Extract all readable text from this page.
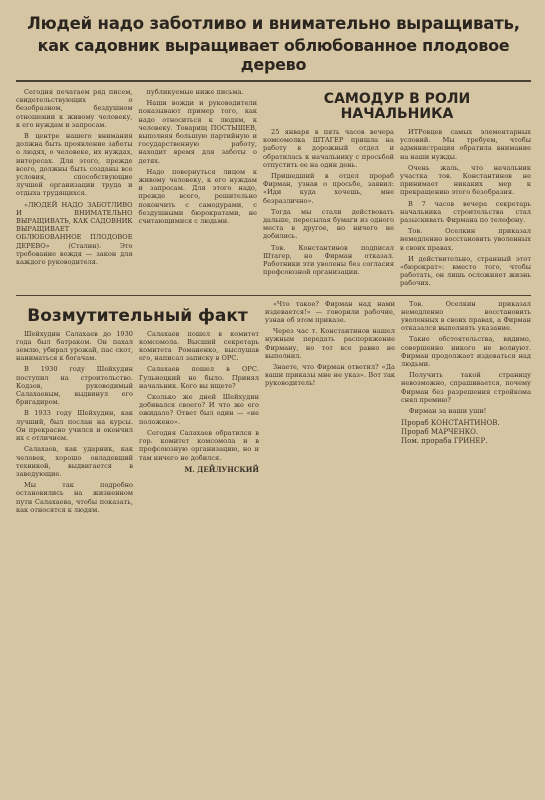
Людей надо заботливо и внимательно выращивать,
как садовник выращивает облюбованное плодовое дерево

Сегодня печатаем ряд писем, свидетельствующих о безобразном, бездушном отношении к живому человеку, к его нуждам и запросам.

В центре нашего внимания должна быть проявление заботы о людях, о человеке, их нуждах, интересах. Для этого, прежде всего, должны быть созданы все условия, способствующие лучшей организации труда и отдыха трудящихся.

«ЛЮДЕЙ НАДО ЗАБОТЛИВО И ВНИМАТЕЛЬНО ВЫРАЩИВАТЬ, КАК САДОВНИК ВЫРАЩИВАЕТ ОБЛЮБОВАННОЕ ПЛОДОВОЕ ДЕРЕВО» (Сталин). Это требование вождя — закон для каждого руководителя.

публикуемые ниже письма.

Наши вожди и руководители показывают пример того, как надо относиться к людям, к человеку. Товарищ ПОСТЫШЕВ, выполняя большую партийную и государственную работу, находит время для заботы о детях.

Надо повернуться лицом к живому человеку, к его нуждам и запросам. Для этого надо, прежде всего, решительно покончить с самодурами, с бездушными бюрократами, не считающимися с людьми.

САМОДУР В РОЛИ
НАЧАЛЬНИКА

25 января в пять часов вечера комсомолка ШТАГЕР пришла на работу в дорожный отдел и обратилась к начальнику с просьбой отпустить ее на один день.

Пришедший в отдел прораб Фирман, узнав о просьбе, заявил: «Иди куда хочешь, мне безразлично».

Тогда мы стали действовать дальше, пересылая бумаги из одного места в другое, но ничего не добились.

Тов. Константинов подписал Штагер, но Фирман отказал. Работники эти уволены без согласия профсоюзной организации.

ИТРовцев самых элементарных условий. Мы требуем, чтобы администрация обратила внимание на наши нужды.

Очень жаль, что начальник участка тов. Константинов не принимает никаких мер к прекращению этого безобразия.

В 7 часов вечера секретарь начальника строительства стал разыскивать Фирмана по телефону.

Тов. Оселкин приказал немедленно восстановить уволенных в своих правах.

И действительно, странный этот «бюрократ»: вместо того, чтобы работать, он лишь осложняет жизнь рабочих.

Возмутительный факт

Шейхудин Салахаев до 1930 года был батраком. Он пахал землю, убирал урожай, пас скот, наниматься к богачам.

В 1930 году Шейхудин поступил на строительство. Кодзов, руководимый Салахаевым, выдвинул его бригадиром.

В 1933 году Шейхудин, как лучший, был послан на курсы. Он прекрасно учился и окончил их с отличием.

Салахаев, как ударник, как человек, хорошо овладевший техникой, выдвигается в заведующие.

Мы так подробно остановились на жизненном пути Салахаева, чтобы показать, как относятся к людям.

Салахаев пошел в комитет комсомола. Высший секретарь комитета Романенко, выслушав его, написал записку в ОРС.

Салахаев пошел в ОРС. Гульноцкий не было. Принял начальник. Кого вы ищете?

Сколько же дней Шейхудин добивался своего? И что же его ожидало? Ответ был один — «не положено».

Сегодня Салахаев обратился в гор. комитет комсомола и в профсоюзную организацию, но и там ничего не добился.

М. ДЕЙЛУНСКИЙ

«Что такое? Фирман над нами издевается!» — говорили рабочие, узнав об этом приказе.

Через час т. Константинов нашел нужным передать распоряжение Фирману, но тот все равно не выполнил.

Знаете, что Фирман ответил? «Да ваши приказы мне не указ». Вот так руководитель!

Тов. Оселкин приказал немедленно восстановить уволенных в своих правах, а Фирман отказался выполнять указание.

Такие обстоятельства, видимо, совершенно никого не волнуют. Фирман продолжает издеваться над людьми.

Получить такой страницу невозможно, спрашивается, почему Фирман без разрешения стройкома снял премию?

Фирман за наши уши!

Прораб КОНСТАНТИНОВ.
Прораб МАРЧЕНКО.
Пом. прораба ГРИНЕР.
